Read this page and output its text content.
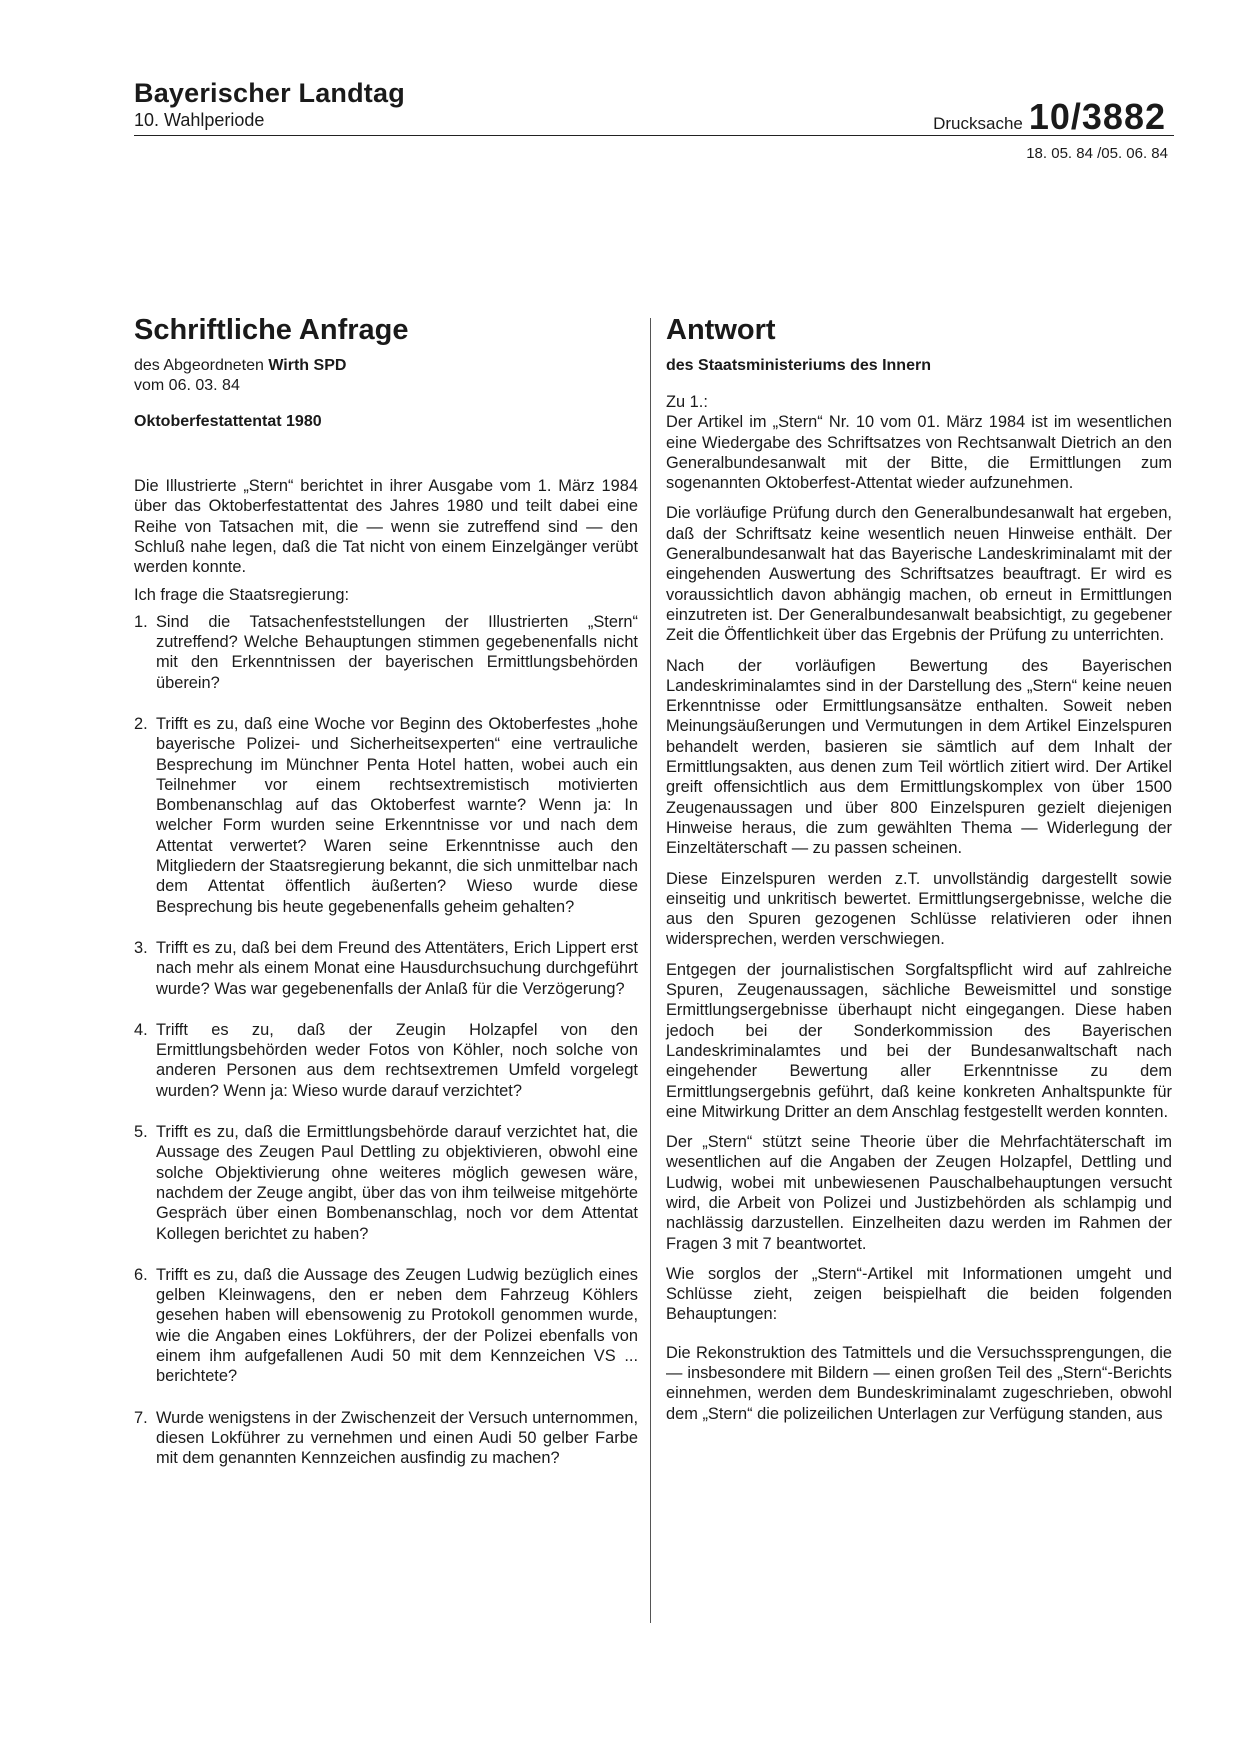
Bayerischer Landtag
10. Wahlperiode	Drucksache 10/3882
18. 05. 84 /05. 06. 84
Schriftliche Anfrage
des Abgeordneten Wirth SPD
vom 06. 03. 84
Oktoberfestattentat 1980

Die Illustrierte „Stern“ berichtet in ihrer Ausgabe vom 1. März 1984 über das Oktoberfestattentat des Jahres 1980 und teilt dabei eine Reihe von Tatsachen mit, die — wenn sie zutreffend sind — den Schluß nahe legen, daß die Tat nicht von einem Einzelgänger verübt werden konnte.

Ich frage die Staatsregierung:

1. Sind die Tatsachenfeststellungen der Illustrierten „Stern“ zutreffend? Welche Behauptungen stimmen gegebenenfalls nicht mit den Erkenntnissen der bayerischen Ermittlungsbehörden überein?
2. Trifft es zu, daß eine Woche vor Beginn des Oktoberfestes „hohe bayerische Polizei- und Sicherheitsexperten“ eine vertrauliche Besprechung im Münchner Penta Hotel hatten, wobei auch ein Teilnehmer vor einem rechtsextremistisch motivierten Bombenanschlag auf das Oktoberfest warnte? Wenn ja: In welcher Form wurden seine Erkenntnisse vor und nach dem Attentat verwertet? Waren seine Erkenntnisse auch den Mitgliedern der Staatsregierung bekannt, die sich unmittelbar nach dem Attentat öffentlich äußerten? Wieso wurde diese Besprechung bis heute gegebenenfalls geheim gehalten?
3. Trifft es zu, daß bei dem Freund des Attentäters, Erich Lippert erst nach mehr als einem Monat eine Hausdurchsuchung durchgeführt wurde? Was war gegebenenfalls der Anlaß für die Verzögerung?
4. Trifft es zu, daß der Zeugin Holzapfel von den Ermittlungsbehörden weder Fotos von Köhler, noch solche von anderen Personen aus dem rechtsextremen Umfeld vorgelegt wurden? Wenn ja: Wieso wurde darauf verzichtet?
5. Trifft es zu, daß die Ermittlungsbehörde darauf verzichtet hat, die Aussage des Zeugen Paul Dettling zu objektivieren, obwohl eine solche Objektivierung ohne weiteres möglich gewesen wäre, nachdem der Zeuge angibt, über das von ihm teilweise mitgehörte Gespräch über einen Bombenanschlag, noch vor dem Attentat Kollegen berichtet zu haben?
6. Trifft es zu, daß die Aussage des Zeugen Ludwig bezüglich eines gelben Kleinwagens, den er neben dem Fahrzeug Köhlers gesehen haben will ebensowenig zu Protokoll genommen wurde, wie die Angaben eines Lokführers, der der Polizei ebenfalls von einem ihm aufgefallenen Audi 50 mit dem Kennzeichen VS ... berichtete?
7. Wurde wenigstens in der Zwischenzeit der Versuch unternommen, diesen Lokführer zu vernehmen und einen Audi 50 gelber Farbe mit dem genannten Kennzeichen ausfindig zu machen?
Antwort
des Staatsministeriums des Innern
Zu 1.:

Der Artikel im „Stern“ Nr. 10 vom 01. März 1984 ist im wesentlichen eine Wiedergabe des Schriftsatzes von Rechtsanwalt Dietrich an den Generalbundesanwalt mit der Bitte, die Ermittlungen zum sogenannten Oktoberfest-Attentat wieder aufzunehmen.

Die vorläufige Prüfung durch den Generalbundesanwalt hat ergeben, daß der Schriftsatz keine wesentlich neuen Hinweise enthält. Der Generalbundesanwalt hat das Bayerische Landeskriminalamt mit der eingehenden Auswertung des Schriftsatzes beauftragt. Er wird es voraussichtlich davon abhängig machen, ob erneut in Ermittlungen einzutreten ist. Der Generalbundesanwalt beabsichtigt, zu gegebener Zeit die Öffentlichkeit über das Ergebnis der Prüfung zu unterrichten.

Nach der vorläufigen Bewertung des Bayerischen Landeskriminalamtes sind in der Darstellung des „Stern“ keine neuen Erkenntnisse oder Ermittlungsansätze enthalten. Soweit neben Meinungsäußerungen und Vermutungen in dem Artikel Einzelspuren behandelt werden, basieren sie sämtlich auf dem Inhalt der Ermittlungsakten, aus denen zum Teil wörtlich zitiert wird. Der Artikel greift offensichtlich aus dem Ermittlungskomplex von über 1500 Zeugenaussagen und über 800 Einzelspuren gezielt diejenigen Hinweise heraus, die zum gewählten Thema — Widerlegung der Einzeltäterschaft — zu passen scheinen.

Diese Einzelspuren werden z.T. unvollständig dargestellt sowie einseitig und unkritisch bewertet. Ermittlungsergebnisse, welche die aus den Spuren gezogenen Schlüsse relativieren oder ihnen widersprechen, werden verschwiegen.

Entgegen der journalistischen Sorgfaltspflicht wird auf zahlreiche Spuren, Zeugenaussagen, sächliche Beweismittel und sonstige Ermittlungsergebnisse überhaupt nicht eingegangen. Diese haben jedoch bei der Sonderkommission des Bayerischen Landeskriminalamtes und bei der Bundesanwaltschaft nach eingehender Bewertung aller Erkenntnisse zu dem Ermittlungsergebnis geführt, daß keine konkreten Anhaltspunkte für eine Mitwirkung Dritter an dem Anschlag festgestellt werden konnten.

Der „Stern“ stützt seine Theorie über die Mehrfachtäterschaft im wesentlichen auf die Angaben der Zeugen Holzapfel, Dettling und Ludwig, wobei mit unbewiesenen Pauschalbehauptungen versucht wird, die Arbeit von Polizei und Justizbehörden als schlampig und nachlässig darzustellen. Einzelheiten dazu werden im Rahmen der Fragen 3 mit 7 beantwortet.

Wie sorglos der „Stern“-Artikel mit Informationen umgeht und Schlüsse zieht, zeigen beispielhaft die beiden folgenden Behauptungen:

Die Rekonstruktion des Tatmittels und die Versuchssprengungen, die — insbesondere mit Bildern — einen großen Teil des „Stern“-Berichts einnehmen, werden dem Bundeskriminalamt zugeschrieben, obwohl dem „Stern“ die polizeilichen Unterlagen zur Verfügung standen, aus
